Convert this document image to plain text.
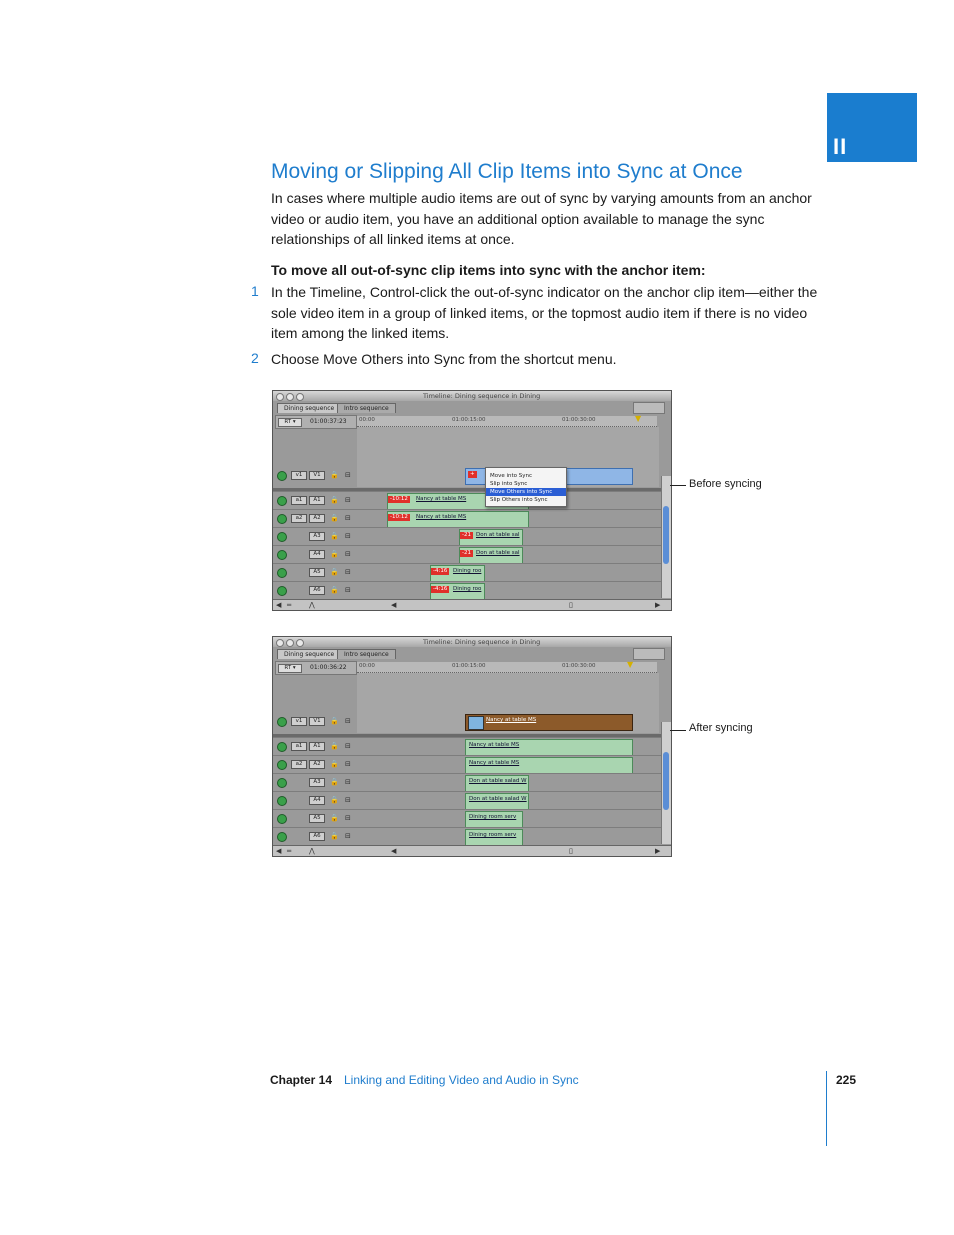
II
Moving or Slipping All Clip Items into Sync at Once
In cases where multiple audio items are out of sync by varying amounts from an anchor video or audio item, you have an additional option available to manage the sync relationships of all linked items at once.
To move all out-of-sync clip items into sync with the anchor item:
1 In the Timeline, Control-click the out-of-sync indicator on the anchor clip item—either the sole video item in a group of linked items, or the topmost audio item if there is no video item among the linked items.
2 Choose Move Others into Sync from the shortcut menu.
Timeline: Dining sequence in Dining
Dining sequence	Intro sequence
RT ▾	01:00:37:23 00:00	01:00:15:00	01:00:30:00	▼
v1	V1	🔒 ⊟	+
a1	A1	🔒 ⊟	-10:12	Nancy at table MS
a2	A2	🔒 ⊟	-10:12	Nancy at table MS
A3	🔒 ⊟	-21 Don at table sal
A4	🔒 ⊟	-21 Don at table sal
A5	🔒 ⊟	-4:16	Dining roo
A6	🔒 ⊟	-4:16	Dining roo
Move into Sync
Slip into Sync
Move Others into Sync
Slip Others into Sync
◀ ═	⋀	◀	▯	▶
Before syncing
Timeline: Dining sequence in Dining
Dining sequence	Intro sequence
RT ▾	01:00:36:22 00:00	01:00:15:00	01:00:30:00	▼
v1	V1	🔒 ⊟	Nancy at table MS
a1	A1	🔒 ⊟	Nancy at table MS
a2	A2	🔒 ⊟	Nancy at table MS
A3	🔒 ⊟	Don at table salad W
A4	🔒 ⊟	Don at table salad W
A5	🔒 ⊟	Dining room serv
A6	🔒 ⊟	Dining room serv
◀ ═	⋀	◀	▯	▶
After syncing
Chapter 14 Linking and Editing Video and Audio in Sync	225
